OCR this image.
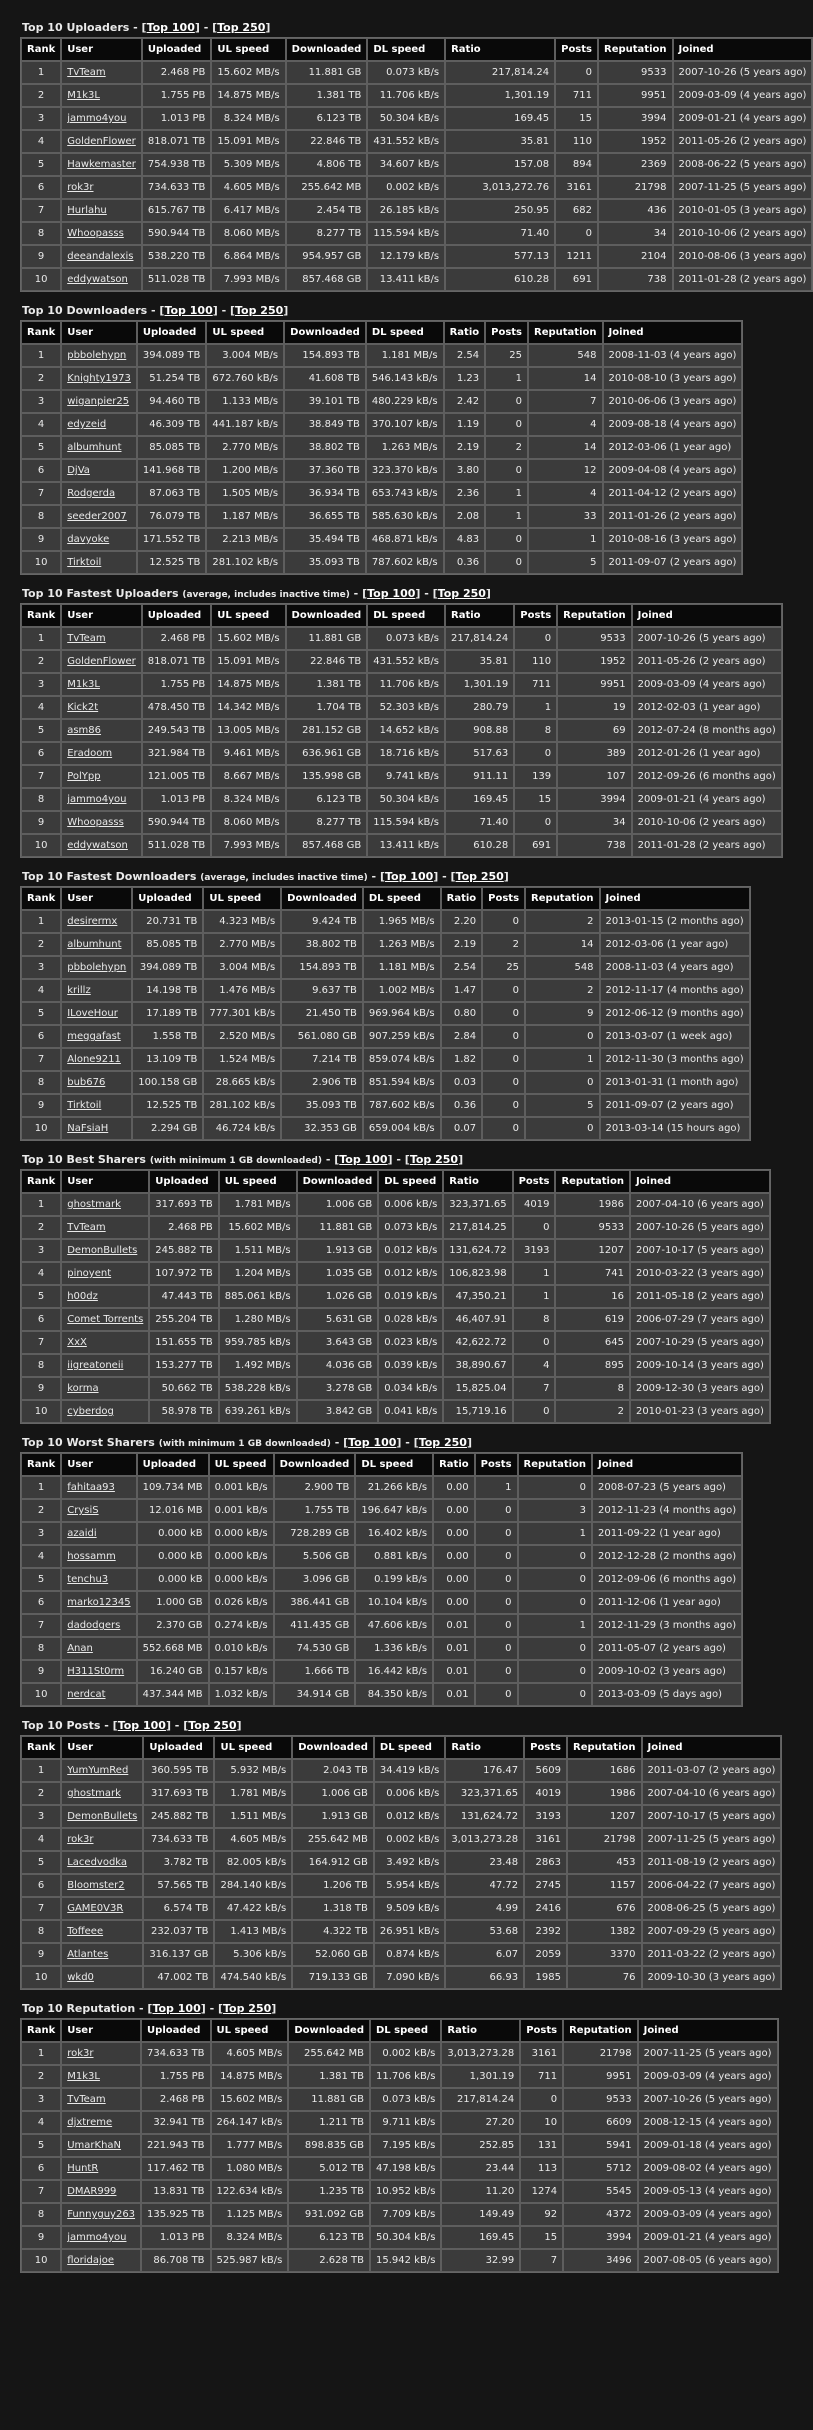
Top 10 Uploaders - [Top 100] - [Top 250]
Rank	User	Uploaded	UL speed	Downloaded	DL speed	Ratio	Posts	Reputation	Joined
1	TvTeam	2.468 PB	15.602 MB/s	11.881 GB	0.073 kB/s	217,814.24	0	9533	2007-10-26 (5 years ago)
2	M1k3L	1.755 PB	14.875 MB/s	1.381 TB	11.706 kB/s	1,301.19	711	9951	2009-03-09 (4 years ago)
3	jammo4you	1.013 PB	8.324 MB/s	6.123 TB	50.304 kB/s	169.45	15	3994	2009-01-21 (4 years ago)
4	GoldenFlower	818.071 TB	15.091 MB/s	22.846 TB	431.552 kB/s	35.81	110	1952	2011-05-26 (2 years ago)
5	Hawkemaster	754.938 TB	5.309 MB/s	4.806 TB	34.607 kB/s	157.08	894	2369	2008-06-22 (5 years ago)
6	rok3r	734.633 TB	4.605 MB/s	255.642 MB	0.002 kB/s	3,013,272.76	3161	21798	2007-11-25 (5 years ago)
7	Hurlahu	615.767 TB	6.417 MB/s	2.454 TB	26.185 kB/s	250.95	682	436	2010-01-05 (3 years ago)
8	Whoopasss	590.944 TB	8.060 MB/s	8.277 TB	115.594 kB/s	71.40	0	34	2010-10-06 (2 years ago)
9	deeandalexis	538.220 TB	6.864 MB/s	954.957 GB	12.179 kB/s	577.13	1211	2104	2010-08-06 (3 years ago)
10	eddywatson	511.028 TB	7.993 MB/s	857.468 GB	13.411 kB/s	610.28	691	738	2011-01-28 (2 years ago)
Top 10 Downloaders - [Top 100] - [Top 250]
Rank	User	Uploaded	UL speed	Downloaded	DL speed	Ratio	Posts	Reputation	Joined
1	pbbolehypn	394.089 TB	3.004 MB/s	154.893 TB	1.181 MB/s	2.54	25	548	2008-11-03 (4 years ago)
2	Knighty1973	51.254 TB	672.760 kB/s	41.608 TB	546.143 kB/s	1.23	1	14	2010-08-10 (3 years ago)
3	wiganpier25	94.460 TB	1.133 MB/s	39.101 TB	480.229 kB/s	2.42	0	7	2010-06-06 (3 years ago)
4	edyzeid	46.309 TB	441.187 kB/s	38.849 TB	370.107 kB/s	1.19	0	4	2009-08-18 (4 years ago)
5	albumhunt	85.085 TB	2.770 MB/s	38.802 TB	1.263 MB/s	2.19	2	14	2012-03-06 (1 year ago)
6	DjVa	141.968 TB	1.200 MB/s	37.360 TB	323.370 kB/s	3.80	0	12	2009-04-08 (4 years ago)
7	Rodgerda	87.063 TB	1.505 MB/s	36.934 TB	653.743 kB/s	2.36	1	4	2011-04-12 (2 years ago)
8	seeder2007	76.079 TB	1.187 MB/s	36.655 TB	585.630 kB/s	2.08	1	33	2011-01-26 (2 years ago)
9	davyoke	171.552 TB	2.213 MB/s	35.494 TB	468.871 kB/s	4.83	0	1	2010-08-16 (3 years ago)
10	Tirktoil	12.525 TB	281.102 kB/s	35.093 TB	787.602 kB/s	0.36	0	5	2011-09-07 (2 years ago)
Top 10 Fastest Uploaders (average, includes inactive time) - [Top 100] - [Top 250]
Rank	User	Uploaded	UL speed	Downloaded	DL speed	Ratio	Posts	Reputation	Joined
1	TvTeam	2.468 PB	15.602 MB/s	11.881 GB	0.073 kB/s	217,814.24	0	9533	2007-10-26 (5 years ago)
2	GoldenFlower	818.071 TB	15.091 MB/s	22.846 TB	431.552 kB/s	35.81	110	1952	2011-05-26 (2 years ago)
3	M1k3L	1.755 PB	14.875 MB/s	1.381 TB	11.706 kB/s	1,301.19	711	9951	2009-03-09 (4 years ago)
4	Kick2t	478.450 TB	14.342 MB/s	1.704 TB	52.303 kB/s	280.79	1	19	2012-02-03 (1 year ago)
5	asm86	249.543 TB	13.005 MB/s	281.152 GB	14.652 kB/s	908.88	8	69	2012-07-24 (8 months ago)
6	Eradoom	321.984 TB	9.461 MB/s	636.961 GB	18.716 kB/s	517.63	0	389	2012-01-26 (1 year ago)
7	PolYpp	121.005 TB	8.667 MB/s	135.998 GB	9.741 kB/s	911.11	139	107	2012-09-26 (6 months ago)
8	jammo4you	1.013 PB	8.324 MB/s	6.123 TB	50.304 kB/s	169.45	15	3994	2009-01-21 (4 years ago)
9	Whoopasss	590.944 TB	8.060 MB/s	8.277 TB	115.594 kB/s	71.40	0	34	2010-10-06 (2 years ago)
10	eddywatson	511.028 TB	7.993 MB/s	857.468 GB	13.411 kB/s	610.28	691	738	2011-01-28 (2 years ago)
Top 10 Fastest Downloaders (average, includes inactive time) - [Top 100] - [Top 250]
Rank	User	Uploaded	UL speed	Downloaded	DL speed	Ratio	Posts	Reputation	Joined
1	desirermx	20.731 TB	4.323 MB/s	9.424 TB	1.965 MB/s	2.20	0	2	2013-01-15 (2 months ago)
2	albumhunt	85.085 TB	2.770 MB/s	38.802 TB	1.263 MB/s	2.19	2	14	2012-03-06 (1 year ago)
3	pbbolehypn	394.089 TB	3.004 MB/s	154.893 TB	1.181 MB/s	2.54	25	548	2008-11-03 (4 years ago)
4	krillz	14.198 TB	1.476 MB/s	9.637 TB	1.002 MB/s	1.47	0	2	2012-11-17 (4 months ago)
5	ILoveHour	17.189 TB	777.301 kB/s	21.450 TB	969.964 kB/s	0.80	0	9	2012-06-12 (9 months ago)
6	meggafast	1.558 TB	2.520 MB/s	561.080 GB	907.259 kB/s	2.84	0	0	2013-03-07 (1 week ago)
7	Alone9211	13.109 TB	1.524 MB/s	7.214 TB	859.074 kB/s	1.82	0	1	2012-11-30 (3 months ago)
8	bub676	100.158 GB	28.665 kB/s	2.906 TB	851.594 kB/s	0.03	0	0	2013-01-31 (1 month ago)
9	Tirktoil	12.525 TB	281.102 kB/s	35.093 TB	787.602 kB/s	0.36	0	5	2011-09-07 (2 years ago)
10	NaFsiaH	2.294 GB	46.724 kB/s	32.353 GB	659.004 kB/s	0.07	0	0	2013-03-14 (15 hours ago)
Top 10 Best Sharers (with minimum 1 GB downloaded) - [Top 100] - [Top 250]
Rank	User	Uploaded	UL speed	Downloaded	DL speed	Ratio	Posts	Reputation	Joined
1	ghostmark	317.693 TB	1.781 MB/s	1.006 GB	0.006 kB/s	323,371.65	4019	1986	2007-04-10 (6 years ago)
2	TvTeam	2.468 PB	15.602 MB/s	11.881 GB	0.073 kB/s	217,814.25	0	9533	2007-10-26 (5 years ago)
3	DemonBullets	245.882 TB	1.511 MB/s	1.913 GB	0.012 kB/s	131,624.72	3193	1207	2007-10-17 (5 years ago)
4	pinoyent	107.972 TB	1.204 MB/s	1.035 GB	0.012 kB/s	106,823.98	1	741	2010-03-22 (3 years ago)
5	h00dz	47.443 TB	885.061 kB/s	1.026 GB	0.019 kB/s	47,350.21	1	16	2011-05-18 (2 years ago)
6	Comet Torrents	255.204 TB	1.280 MB/s	5.631 GB	0.028 kB/s	46,407.91	8	619	2006-07-29 (7 years ago)
7	XxX	151.655 TB	959.785 kB/s	3.643 GB	0.023 kB/s	42,622.72	0	645	2007-10-29 (5 years ago)
8	iigreatoneii	153.277 TB	1.492 MB/s	4.036 GB	0.039 kB/s	38,890.67	4	895	2009-10-14 (3 years ago)
9	korma	50.662 TB	538.228 kB/s	3.278 GB	0.034 kB/s	15,825.04	7	8	2009-12-30 (3 years ago)
10	cyberdog	58.978 TB	639.261 kB/s	3.842 GB	0.041 kB/s	15,719.16	0	2	2010-01-23 (3 years ago)
Top 10 Worst Sharers (with minimum 1 GB downloaded) - [Top 100] - [Top 250]
Rank	User	Uploaded	UL speed	Downloaded	DL speed	Ratio	Posts	Reputation	Joined
1	fahitaa93	109.734 MB	0.001 kB/s	2.900 TB	21.266 kB/s	0.00	1	0	2008-07-23 (5 years ago)
2	CrysiS	12.016 MB	0.001 kB/s	1.755 TB	196.647 kB/s	0.00	0	3	2012-11-23 (4 months ago)
3	azaidi	0.000 kB	0.000 kB/s	728.289 GB	16.402 kB/s	0.00	0	1	2011-09-22 (1 year ago)
4	hossamm	0.000 kB	0.000 kB/s	5.506 GB	0.881 kB/s	0.00	0	0	2012-12-28 (2 months ago)
5	tenchu3	0.000 kB	0.000 kB/s	3.096 GB	0.199 kB/s	0.00	0	0	2012-09-06 (6 months ago)
6	marko12345	1.000 GB	0.026 kB/s	386.441 GB	10.104 kB/s	0.00	0	0	2011-12-06 (1 year ago)
7	dadodgers	2.370 GB	0.274 kB/s	411.435 GB	47.606 kB/s	0.01	0	1	2012-11-29 (3 months ago)
8	Anan	552.668 MB	0.010 kB/s	74.530 GB	1.336 kB/s	0.01	0	0	2011-05-07 (2 years ago)
9	H311St0rm	16.240 GB	0.157 kB/s	1.666 TB	16.442 kB/s	0.01	0	0	2009-10-02 (3 years ago)
10	nerdcat	437.344 MB	1.032 kB/s	34.914 GB	84.350 kB/s	0.01	0	0	2013-03-09 (5 days ago)
Top 10 Posts - [Top 100] - [Top 250]
Rank	User	Uploaded	UL speed	Downloaded	DL speed	Ratio	Posts	Reputation	Joined
1	YumYumRed	360.595 TB	5.932 MB/s	2.043 TB	34.419 kB/s	176.47	5609	1686	2011-03-07 (2 years ago)
2	ghostmark	317.693 TB	1.781 MB/s	1.006 GB	0.006 kB/s	323,371.65	4019	1986	2007-04-10 (6 years ago)
3	DemonBullets	245.882 TB	1.511 MB/s	1.913 GB	0.012 kB/s	131,624.72	3193	1207	2007-10-17 (5 years ago)
4	rok3r	734.633 TB	4.605 MB/s	255.642 MB	0.002 kB/s	3,013,273.28	3161	21798	2007-11-25 (5 years ago)
5	Lacedvodka	3.782 TB	82.005 kB/s	164.912 GB	3.492 kB/s	23.48	2863	453	2011-08-19 (2 years ago)
6	Bloomster2	57.565 TB	284.140 kB/s	1.206 TB	5.954 kB/s	47.72	2745	1157	2006-04-22 (7 years ago)
7	GAME0V3R	6.574 TB	47.422 kB/s	1.318 TB	9.509 kB/s	4.99	2416	676	2008-06-25 (5 years ago)
8	Toffeee	232.037 TB	1.413 MB/s	4.322 TB	26.951 kB/s	53.68	2392	1382	2007-09-29 (5 years ago)
9	Atlantes	316.137 GB	5.306 kB/s	52.060 GB	0.874 kB/s	6.07	2059	3370	2011-03-22 (2 years ago)
10	wkd0	47.002 TB	474.540 kB/s	719.133 GB	7.090 kB/s	66.93	1985	76	2009-10-30 (3 years ago)
Top 10 Reputation - [Top 100] - [Top 250]
Rank	User	Uploaded	UL speed	Downloaded	DL speed	Ratio	Posts	Reputation	Joined
1	rok3r	734.633 TB	4.605 MB/s	255.642 MB	0.002 kB/s	3,013,273.28	3161	21798	2007-11-25 (5 years ago)
2	M1k3L	1.755 PB	14.875 MB/s	1.381 TB	11.706 kB/s	1,301.19	711	9951	2009-03-09 (4 years ago)
3	TvTeam	2.468 PB	15.602 MB/s	11.881 GB	0.073 kB/s	217,814.24	0	9533	2007-10-26 (5 years ago)
4	djxtreme	32.941 TB	264.147 kB/s	1.211 TB	9.711 kB/s	27.20	10	6609	2008-12-15 (4 years ago)
5	UmarKhaN	221.943 TB	1.777 MB/s	898.835 GB	7.195 kB/s	252.85	131	5941	2009-01-18 (4 years ago)
6	HuntR	117.462 TB	1.080 MB/s	5.012 TB	47.198 kB/s	23.44	113	5712	2009-08-02 (4 years ago)
7	DMAR999	13.831 TB	122.634 kB/s	1.235 TB	10.952 kB/s	11.20	1274	5545	2009-05-13 (4 years ago)
8	Funnyguy263	135.925 TB	1.125 MB/s	931.092 GB	7.709 kB/s	149.49	92	4372	2009-03-09 (4 years ago)
9	jammo4you	1.013 PB	8.324 MB/s	6.123 TB	50.304 kB/s	169.45	15	3994	2009-01-21 (4 years ago)
10	floridajoe	86.708 TB	525.987 kB/s	2.628 TB	15.942 kB/s	32.99	7	3496	2007-08-05 (6 years ago)
